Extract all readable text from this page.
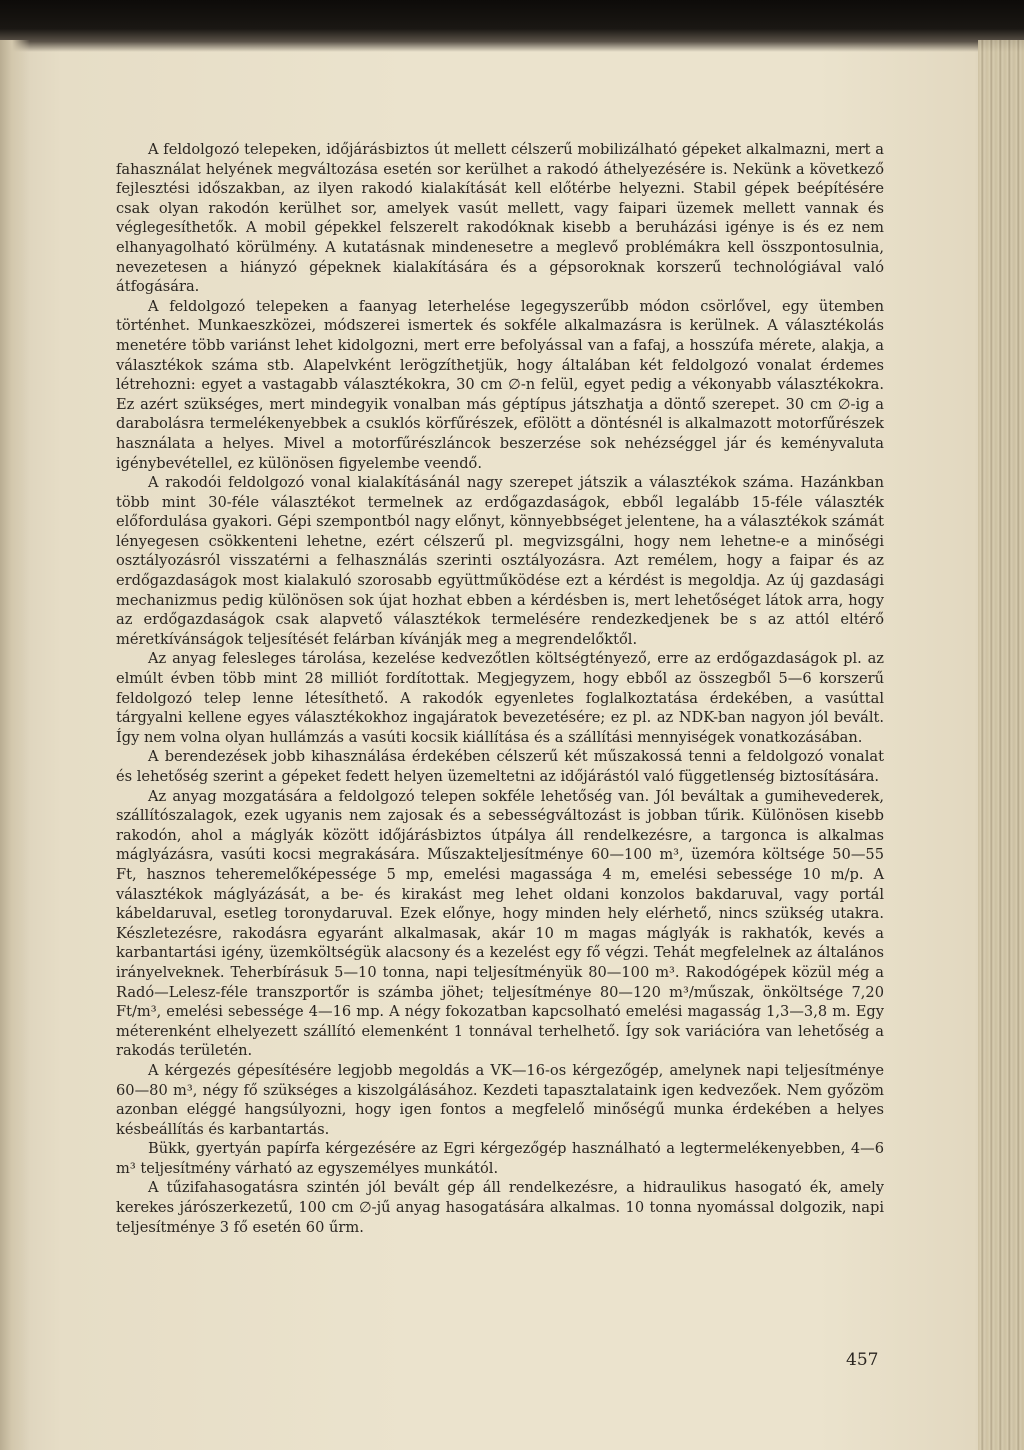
A feldolgozó telepeken, időjárásbiztos út mellett célszerű mobilizálható gépeket alkalmazni, mert a fahasználat helyének megváltozása esetén sor kerülhet a rakodó áthelyezésére is. Nekünk a következő fejlesztési időszakban, az ilyen rakodó kialakítását kell előtérbe helyezni. Stabil gépek beépítésére csak olyan rakodón kerülhet sor, amelyek vasút mellett, vagy faipari üzemek mellett vannak és véglegesíthetők. A mobil gépekkel felszerelt rakodóknak kisebb a beruházási igénye is és ez nem elhanyagolható körülmény. A kutatásnak mindenesetre a meglevő problémákra kell összpontosulnia, nevezetesen a hiányzó gépeknek kialakítására és a gépsoroknak korszerű technológiával való átfogására.

A feldolgozó telepeken a faanyag leterhelése legegyszerűbb módon csörlővel, egy ütemben történhet. Munkaeszközei, módszerei ismertek és sokféle alkalmazásra is kerülnek. A választékolás menetére több variánst lehet kidolgozni, mert erre befolyással van a fafaj, a hosszúfa mérete, alakja, a választékok száma stb. Alapelvként lerögzíthetjük, hogy általában két feldolgozó vonalat érdemes létrehozni: egyet a vastagabb választékokra, 30 cm ∅-n felül, egyet pedig a vékonyabb választékokra. Ez azért szükséges, mert mindegyik vonalban más géptípus játszhatja a döntő szerepet. 30 cm ∅-ig a darabolásra termelékenyebbek a csuklós körfűrészek, efölött a döntésnél is alkalmazott motorfűrészek használata a helyes. Mivel a motorfűrészláncok beszerzése sok nehézséggel jár és keményvaluta igénybevétellel, ez különösen figyelembe veendő.

A rakodói feldolgozó vonal kialakításánál nagy szerepet játszik a választékok száma. Hazánkban több mint 30-féle választékot termelnek az erdőgazdaságok, ebből legalább 15-féle választék előfordulása gyakori. Gépi szempontból nagy előnyt, könnyebbséget jelentene, ha a választékok számát lényegesen csökkenteni lehetne, ezért célszerű pl. megvizsgálni, hogy nem lehetne-e a minőségi osztályozásról visszatérni a felhasználás szerinti osztályozásra. Azt remélem, hogy a faipar és az erdőgazdaságok most kialakuló szorosabb együttműködése ezt a kérdést is megoldja. Az új gazdasági mechanizmus pedig különösen sok újat hozhat ebben a kérdésben is, mert lehetőséget látok arra, hogy az erdőgazdaságok csak alapvető választékok termelésére rendezkedjenek be s az attól eltérő méretkívánságok teljesítését felárban kívánják meg a megrendelőktől.

Az anyag felesleges tárolása, kezelése kedvezőtlen költségtényező, erre az erdőgazdaságok pl. az elmúlt évben több mint 28 milliót fordítottak. Megjegyzem, hogy ebből az összegből 5—6 korszerű feldolgozó telep lenne létesíthető. A rakodók egyenletes foglalkoztatása érdekében, a vasúttal tárgyalni kellene egyes választékokhoz ingajáratok bevezetésére; ez pl. az NDK-ban nagyon jól bevált. Így nem volna olyan hullámzás a vasúti kocsik kiállítása és a szállítási mennyiségek vonatkozásában.

A berendezések jobb kihasználása érdekében célszerű két műszakossá tenni a feldolgozó vonalat és lehetőség szerint a gépeket fedett helyen üzemeltetni az időjárástól való függetlenség biztosítására.

Az anyag mozgatására a feldolgozó telepen sokféle lehetőség van. Jól beváltak a gumihevederek, szállítószalagok, ezek ugyanis nem zajosak és a sebességváltozást is jobban tűrik. Különösen kisebb rakodón, ahol a máglyák között időjárásbiztos útpálya áll rendelkezésre, a targonca is alkalmas máglyázásra, vasúti kocsi megrakására. Műszakteljesítménye 60—100 m³, üzemóra költsége 50—55 Ft, hasznos teheremelőképessége 5 mp, emelési magassága 4 m, emelési sebessége 10 m/p. A választékok máglyázását, a be- és kirakást meg lehet oldani konzolos bakdaruval, vagy portál kábeldaruval, esetleg toronydaruval. Ezek előnye, hogy minden hely elérhető, nincs szükség utakra. Készletezésre, rakodásra egyaránt alkalmasak, akár 10 m magas máglyák is rakhatók, kevés a karbantartási igény, üzemköltségük alacsony és a kezelést egy fő végzi. Tehát megfelelnek az általános irányelveknek. Teherbírásuk 5—10 tonna, napi teljesítményük 80—100 m³. Rakodógépek közül még a Radó—Lelesz-féle transzportőr is számba jöhet; teljesítménye 80—120 m³/műszak, önköltsége 7,20 Ft/m³, emelési sebessége 4—16 mp. A négy fokozatban kapcsolható emelési magasság 1,3—3,8 m. Egy méterenként elhelyezett szállító elemenként 1 tonnával terhelhető. Így sok variációra van lehetőség a rakodás területén.

A kérgezés gépesítésére legjobb megoldás a VK—16-os kérgezőgép, amelynek napi teljesítménye 60—80 m³, négy fő szükséges a kiszolgálásához. Kezdeti tapasztalataink igen kedvezőek. Nem győzöm azonban eléggé hangsúlyozni, hogy igen fontos a megfelelő minőségű munka érdekében a helyes késbeállítás és karbantartás.

Bükk, gyertyán papírfa kérgezésére az Egri kérgezőgép használható a legtermelékenyebben, 4—6 m³ teljesítmény várható az egyszemélyes munkától.

A tűzifahasogatásra szintén jól bevált gép áll rendelkezésre, a hidraulikus hasogató ék, amely kerekes járószerkezetű, 100 cm ∅-jű anyag hasogatására alkalmas. 10 tonna nyomással dolgozik, napi teljesítménye 3 fő esetén 60 űrm.

457
